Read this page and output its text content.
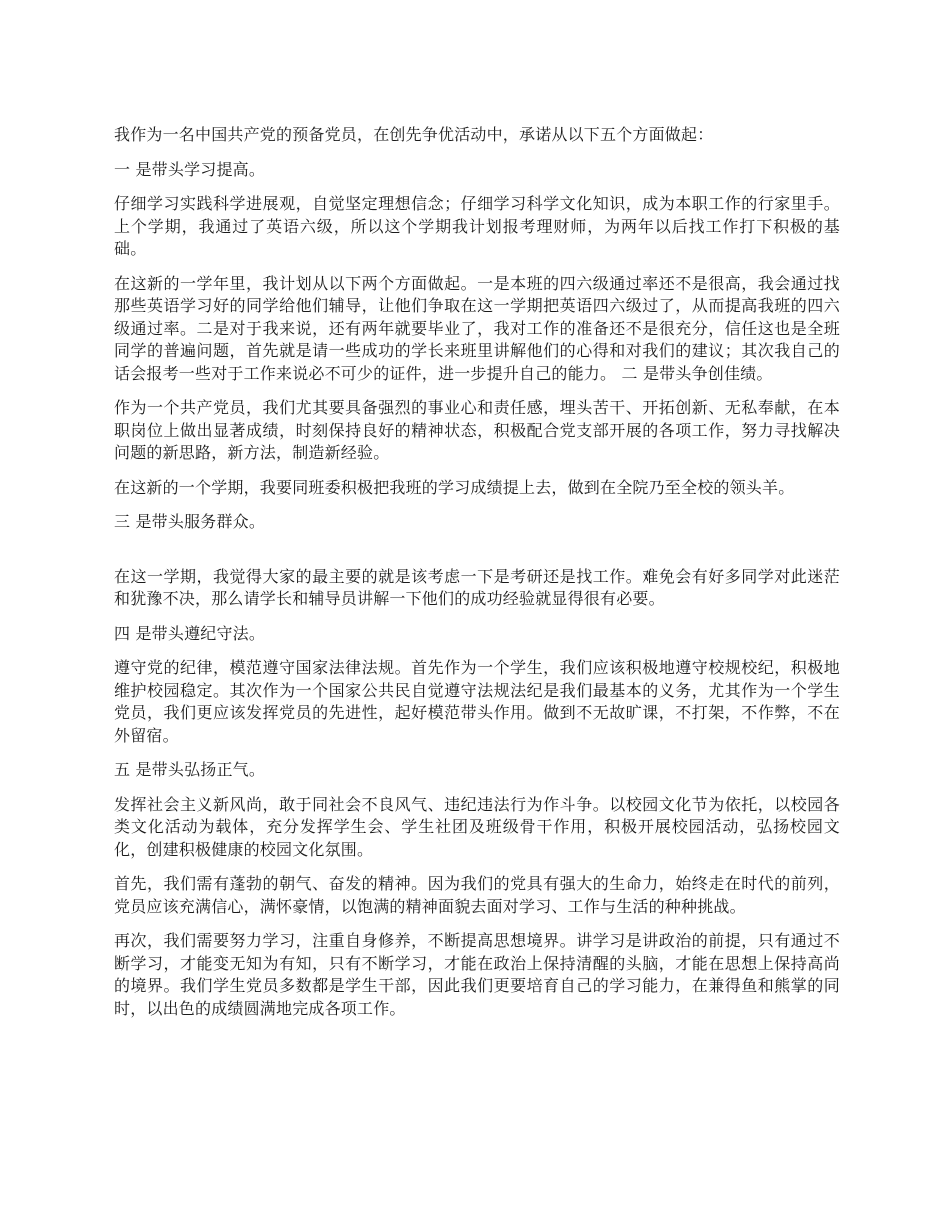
我作为一名中国共产党的预备党员，在创先争优活动中，承诺从以下五个方面做起：

一 是带头学习提高。

仔细学习实践科学进展观，自觉坚定理想信念；仔细学习科学文化知识，成为本职工作的行家里手。上个学期，我通过了英语六级，所以这个学期我计划报考理财师，为两年以后找工作打下积极的基础。

在这新的一学年里，我计划从以下两个方面做起。一是本班的四六级通过率还不是很高，我会通过找那些英语学习好的同学给他们辅导，让他们争取在这一学期把英语四六级过了，从而提高我班的四六级通过率。二是对于我来说，还有两年就要毕业了，我对工作的准备还不是很充分，信任这也是全班同学的普遍问题，首先就是请一些成功的学长来班里讲解他们的心得和对我们的建议；其次我自己的话会报考一些对于工作来说必不可少的证件，进一步提升自己的能力。 二 是带头争创佳绩。

作为一个共产党员，我们尤其要具备强烈的事业心和责任感，埋头苦干、开拓创新、无私奉献，在本职岗位上做出显著成绩，时刻保持良好的精神状态，积极配合党支部开展的各项工作，努力寻找解决问题的新思路，新方法，制造新经验。

在这新的一个学期，我要同班委积极把我班的学习成绩提上去，做到在全院乃至全校的领头羊。

三 是带头服务群众。

在这一学期，我觉得大家的最主要的就是该考虑一下是考研还是找工作。难免会有好多同学对此迷茫和犹豫不决，那么请学长和辅导员讲解一下他们的成功经验就显得很有必要。

四 是带头遵纪守法。

遵守党的纪律，模范遵守国家法律法规。首先作为一个学生，我们应该积极地遵守校规校纪，积极地维护校园稳定。其次作为一个国家公共民自觉遵守法规法纪是我们最基本的义务，尤其作为一个学生党员，我们更应该发挥党员的先进性，起好模范带头作用。做到不无故旷课，不打架，不作弊，不在外留宿。

五 是带头弘扬正气。

发挥社会主义新风尚，敢于同社会不良风气、违纪违法行为作斗争。以校园文化节为依托，以校园各类文化活动为载体，充分发挥学生会、学生社团及班级骨干作用，积极开展校园活动，弘扬校园文化，创建积极健康的校园文化氛围。

首先，我们需有蓬勃的朝气、奋发的精神。因为我们的党具有强大的生命力，始终走在时代的前列，党员应该充满信心，满怀豪情，以饱满的精神面貌去面对学习、工作与生活的种种挑战。

再次，我们需要努力学习，注重自身修养，不断提高思想境界。讲学习是讲政治的前提，只有通过不断学习，才能变无知为有知，只有不断学习，才能在政治上保持清醒的头脑，才能在思想上保持高尚的境界。我们学生党员多数都是学生干部，因此我们更要培育自己的学习能力，在兼得鱼和熊掌的同时，以出色的成绩圆满地完成各项工作。
